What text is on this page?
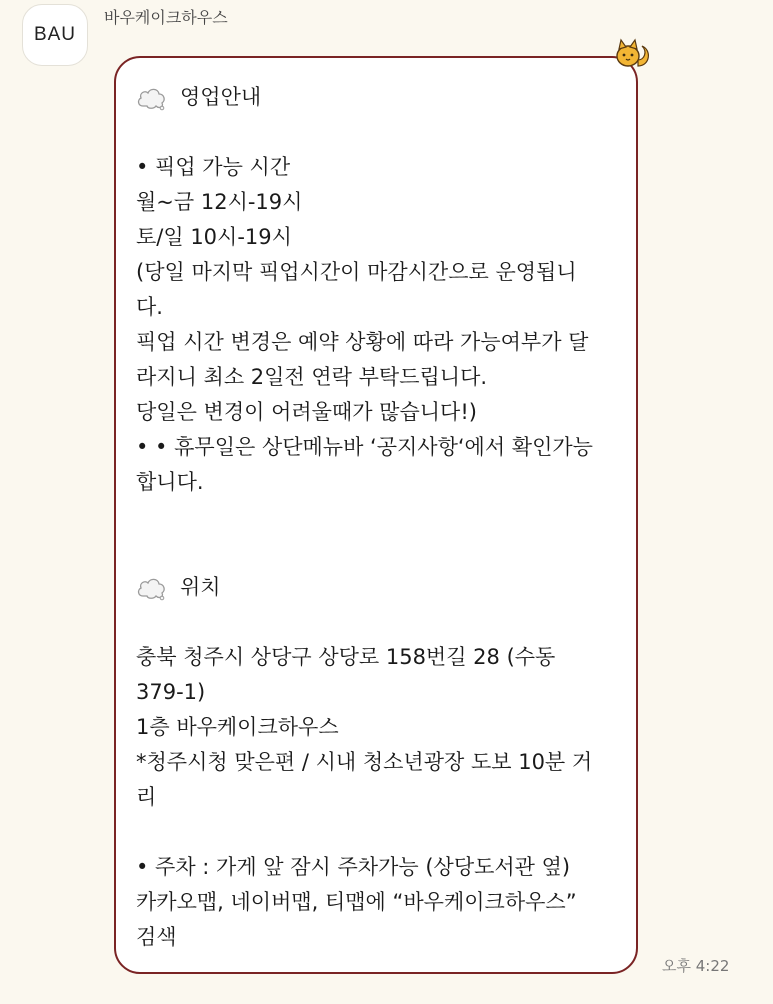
BAU
바우케이크하우스
영업안내
• 픽업 가능 시간
월~금 12시-19시
토/일 10시-19시
(당일 마지막 픽업시간이 마감시간으로 운영됩니
다.
픽업 시간 변경은 예약 상황에 따라 가능여부가 달
라지니 최소 2일전 연락 부탁드립니다.
당일은 변경이 어려울때가 많습니다!)
• • 휴무일은 상단메뉴바 ‘공지사항‘에서 확인가능
합니다.
위치
충북 청주시 상당구 상당로 158번길 28 (수동
379-1)
1층 바우케이크하우스
*청주시청 맞은편 / 시내 청소년광장 도보 10분 거
리
• 주차 : 가게 앞 잠시 주차가능 (상당도서관 옆)
카카오맵, 네이버맵, 티맵에 “바우케이크하우스”
검색
오후 4:22
